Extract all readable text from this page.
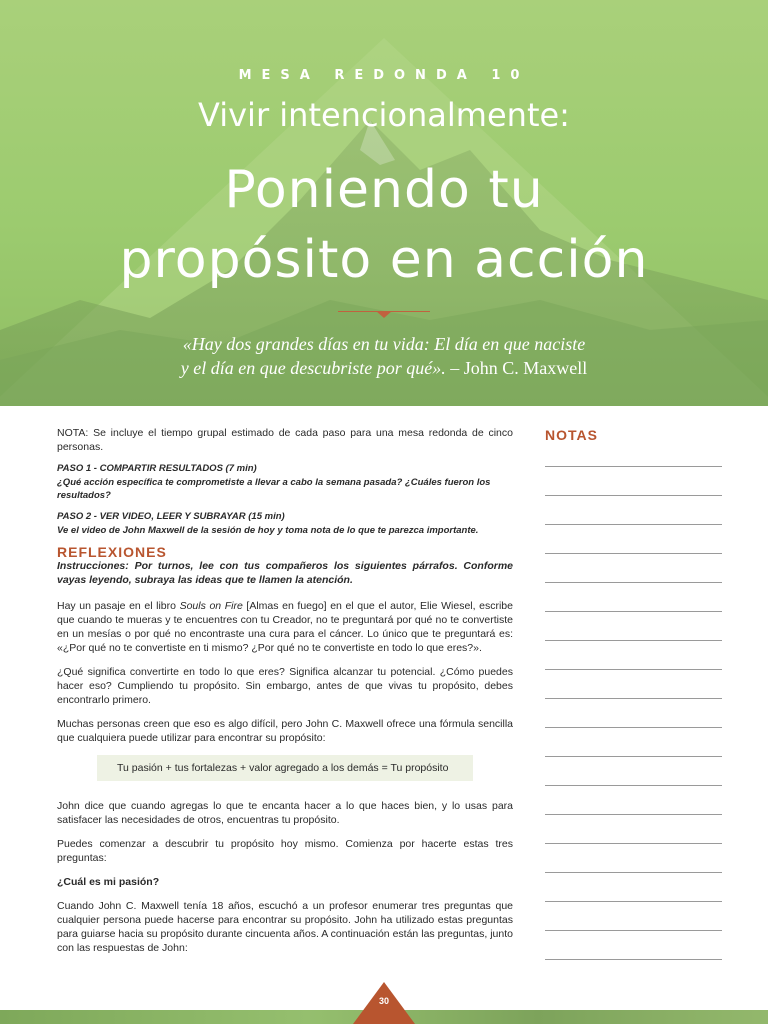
MESA REDONDA 10
Vivir intencionalmente:
Poniendo tu
propósito en acción
«Hay dos grandes días en tu vida: El día en que naciste
y el día en que descubriste por qué». – John C. Maxwell

NOTA: Se incluye el tiempo grupal estimado de cada paso para una mesa redonda de cinco personas.

PASO 1 - COMPARTIR RESULTADOS (7 min)

¿Qué acción específica te comprometiste a llevar a cabo la semana pasada? ¿Cuáles fueron los resultados?

PASO 2 - VER VIDEO, LEER Y SUBRAYAR (15 min)

Ve el video de John Maxwell de la sesión de hoy y toma nota de lo que te parezca importante.

REFLEXIONES

Instrucciones: Por turnos, lee con tus compañeros los siguientes párrafos. Conforme vayas leyendo, subraya las ideas que te llamen la atención.

Hay un pasaje en el libro Souls on Fire [Almas en fuego] en el que el autor, Elie Wiesel, escribe que cuando te mueras y te encuentres con tu Creador, no te preguntará por qué no te convertiste en un mesías o por qué no encontraste una cura para el cáncer. Lo único que te preguntará es: «¿Por qué no te convertiste en ti mismo? ¿Por qué no te convertiste en todo lo que eres?».

¿Qué significa convertirte en todo lo que eres? Significa alcanzar tu potencial. ¿Cómo puedes hacer eso? Cumpliendo tu propósito. Sin embargo, antes de que vivas tu propósito, debes encontrarlo primero.

Muchas personas creen que eso es algo difícil, pero John C. Maxwell ofrece una fórmula sencilla que cualquiera puede utilizar para encontrar su propósito:

Tu pasión + tus fortalezas + valor agregado a los demás = Tu propósito

John dice que cuando agregas lo que te encanta hacer a lo que haces bien, y lo usas para satisfacer las necesidades de otros, encuentras tu propósito.

Puedes comenzar a descubrir tu propósito hoy mismo. Comienza por hacerte estas tres preguntas:

¿Cuál es mi pasión?

Cuando John C. Maxwell tenía 18 años, escuchó a un profesor enumerar tres preguntas que cualquier persona puede hacerse para encontrar su propósito. John ha utilizado estas preguntas para guiarse hacia su propósito durante cincuenta años. A continuación están las preguntas, junto con las respuestas de John:

NOTAS
30
